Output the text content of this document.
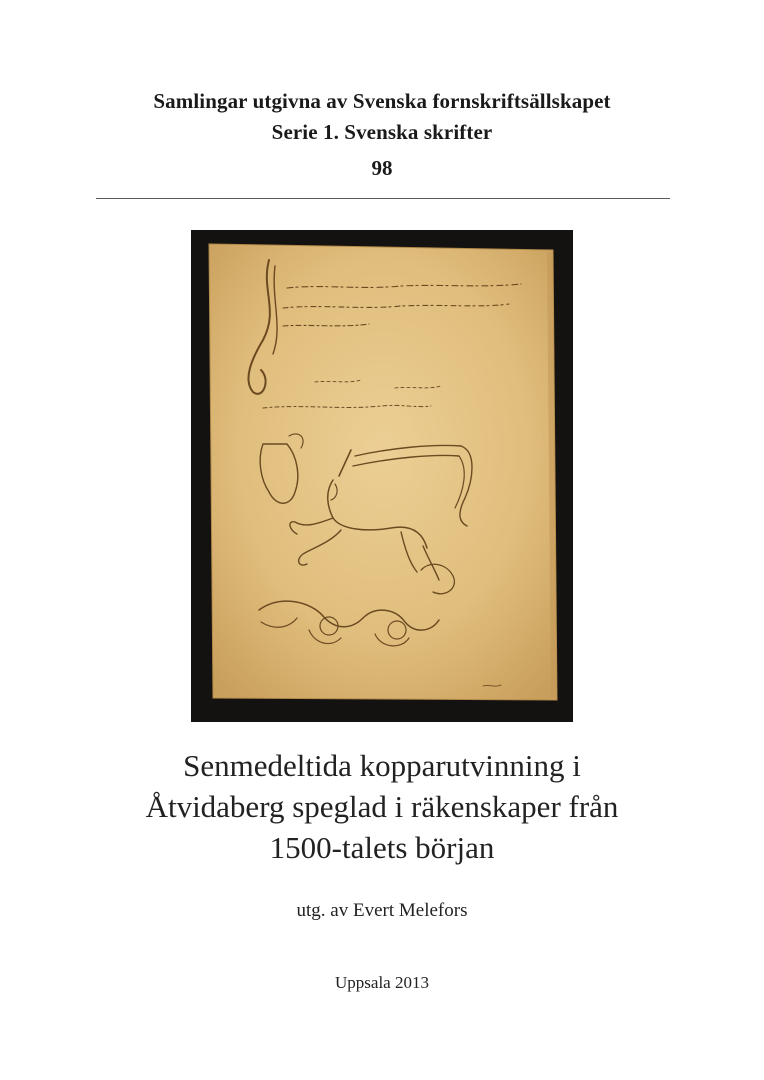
Samlingar utgivna av Svenska fornskriftsällskapet
Serie 1. Svenska skrifter
98
Senmedeltida kopparutvinning i
Åtvidaberg speglad i räkenskaper från
1500-talets början
utg. av Evert Melefors
Uppsala 2013
